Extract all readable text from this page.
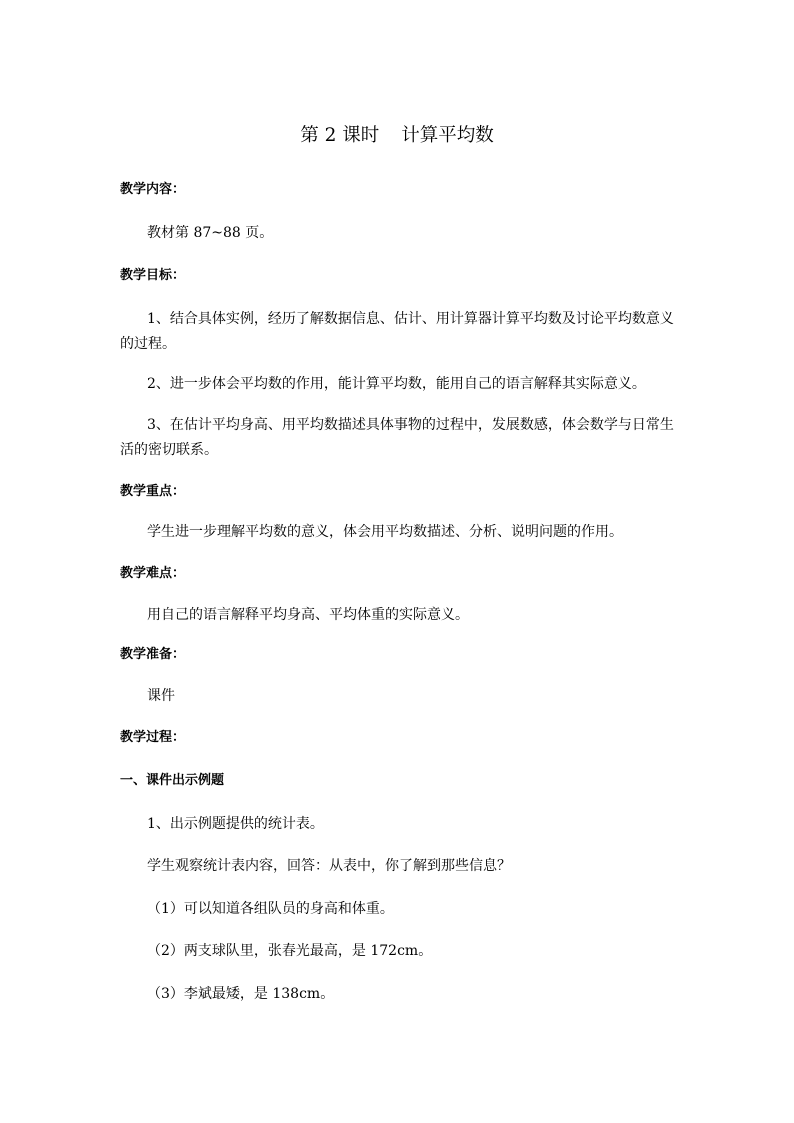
第 2 课时 计算平均数

教学内容：

教材第 87~88 页。

教学目标：

1、结合具体实例，经历了解数据信息、估计、用计算器计算平均数及讨论平均数意义

的过程。

2、进一步体会平均数的作用，能计算平均数，能用自己的语言解释其实际意义。

3、在估计平均身高、用平均数描述具体事物的过程中，发展数感，体会数学与日常生

活的密切联系。

教学重点：

学生进一步理解平均数的意义，体会用平均数描述、分析、说明问题的作用。

教学难点：

用自己的语言解释平均身高、平均体重的实际意义。

教学准备：

课件

教学过程：

一、课件出示例题

1、出示例题提供的统计表。

学生观察统计表内容，回答：从表中，你了解到那些信息？

（1）可以知道各组队员的身高和体重。

（2）两支球队里，张春光最高，是 172cm。

（3）李斌最矮，是 138cm。
